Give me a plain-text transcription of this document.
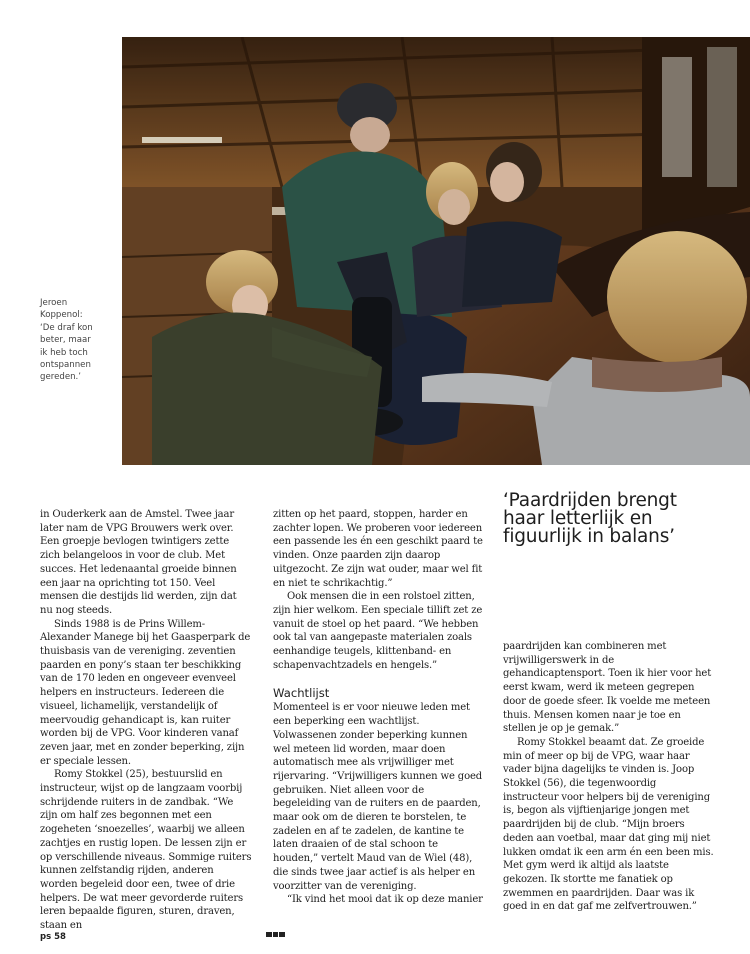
Jeroen
Koppenol:
‘De draf kon
beter, maar
ik heb toch
ontspannen
gereden.’

in Ouderkerk aan de Amstel. Twee jaar later nam de VPG Brouwers werk over. Een groepje bevlogen twintigers zette zich belangeloos in voor de club. Met succes. Het ledenaantal groeide binnen een jaar na oprichting tot 150. Veel mensen die destijds lid werden, zijn dat nu nog steeds.

Sinds 1988 is de Prins Willem-Alexander Manege bij het Gaasperpark de thuisbasis van de vereniging. zeventien paarden en pony’s staan ter beschikking van de 170 leden en ongeveer evenveel helpers en instructeurs. Iedereen die visueel, lichamelijk, verstandelijk of meervoudig gehandicapt is, kan ruiter worden bij de VPG. Voor kinderen vanaf zeven jaar, met en zonder beperking, zijn er speciale lessen.

Romy Stokkel (25), bestuurslid en instructeur, wijst op de langzaam voorbij schrijdende ruiters in de zandbak. “We zijn om half zes begonnen met een zogeheten ‘snoezelles’, waarbij we alleen zachtjes en rustig lopen. De lessen zijn er op verschillende niveaus. Sommige ruiters kunnen zelfstandig rijden, anderen worden begeleid door een, twee of drie helpers. De wat meer gevorderde ruiters leren bepaalde figuren, sturen, draven, staan en

zitten op het paard, stoppen, harder en zachter lopen. We proberen voor iedereen een passende les én een geschikt paard te vinden. Onze paarden zijn daarop uitgezocht. Ze zijn wat ouder, maar wel fit en niet te schrikachtig.”

Ook mensen die in een rolstoel zitten, zijn hier welkom. Een speciale tillift zet ze vanuit de stoel op het paard. “We hebben ook tal van aangepaste materialen zoals eenhandige teugels, klittenband- en schapenvachtzadels en hengels.”

Wachtlijst

Momenteel is er voor nieuwe leden met een beperking een wachtlijst. Volwassenen zonder beperking kunnen wel meteen lid worden, maar doen automatisch mee als vrijwilliger met rijervaring. “Vrijwilligers kunnen we goed gebruiken. Niet alleen voor de begeleiding van de ruiters en de paarden, maar ook om de dieren te borstelen, te zadelen en af te zadelen, de kantine te laten draaien of de stal schoon te houden,” vertelt Maud van de Wiel (48), die sinds twee jaar actief is als helper en voorzitter van de vereniging.

“Ik vind het mooi dat ik op deze manier

‘Paardrijden brengt haar letterlijk en figuurlijk in balans’

paardrijden kan combineren met vrijwilligerswerk in de gehandicaptensport. Toen ik hier voor het eerst kwam, werd ik meteen gegrepen door de goede sfeer. Ik voelde me meteen thuis. Mensen komen naar je toe en stellen je op je gemak.”

Romy Stokkel beaamt dat. Ze groeide min of meer op bij de VPG, waar haar vader bijna dagelijks te vinden is. Joop Stokkel (56), die tegenwoordig instructeur voor helpers bij de vereniging is, begon als vijftienjarige jongen met paardrijden bij de club. “Mijn broers deden aan voetbal, maar dat ging mij niet lukken omdat ik een arm én een been mis. Met gym werd ik altijd als laatste gekozen. Ik stortte me fanatiek op zwemmen en paardrijden. Daar was ik goed in en dat gaf me zelfvertrouwen.”

ps 58
